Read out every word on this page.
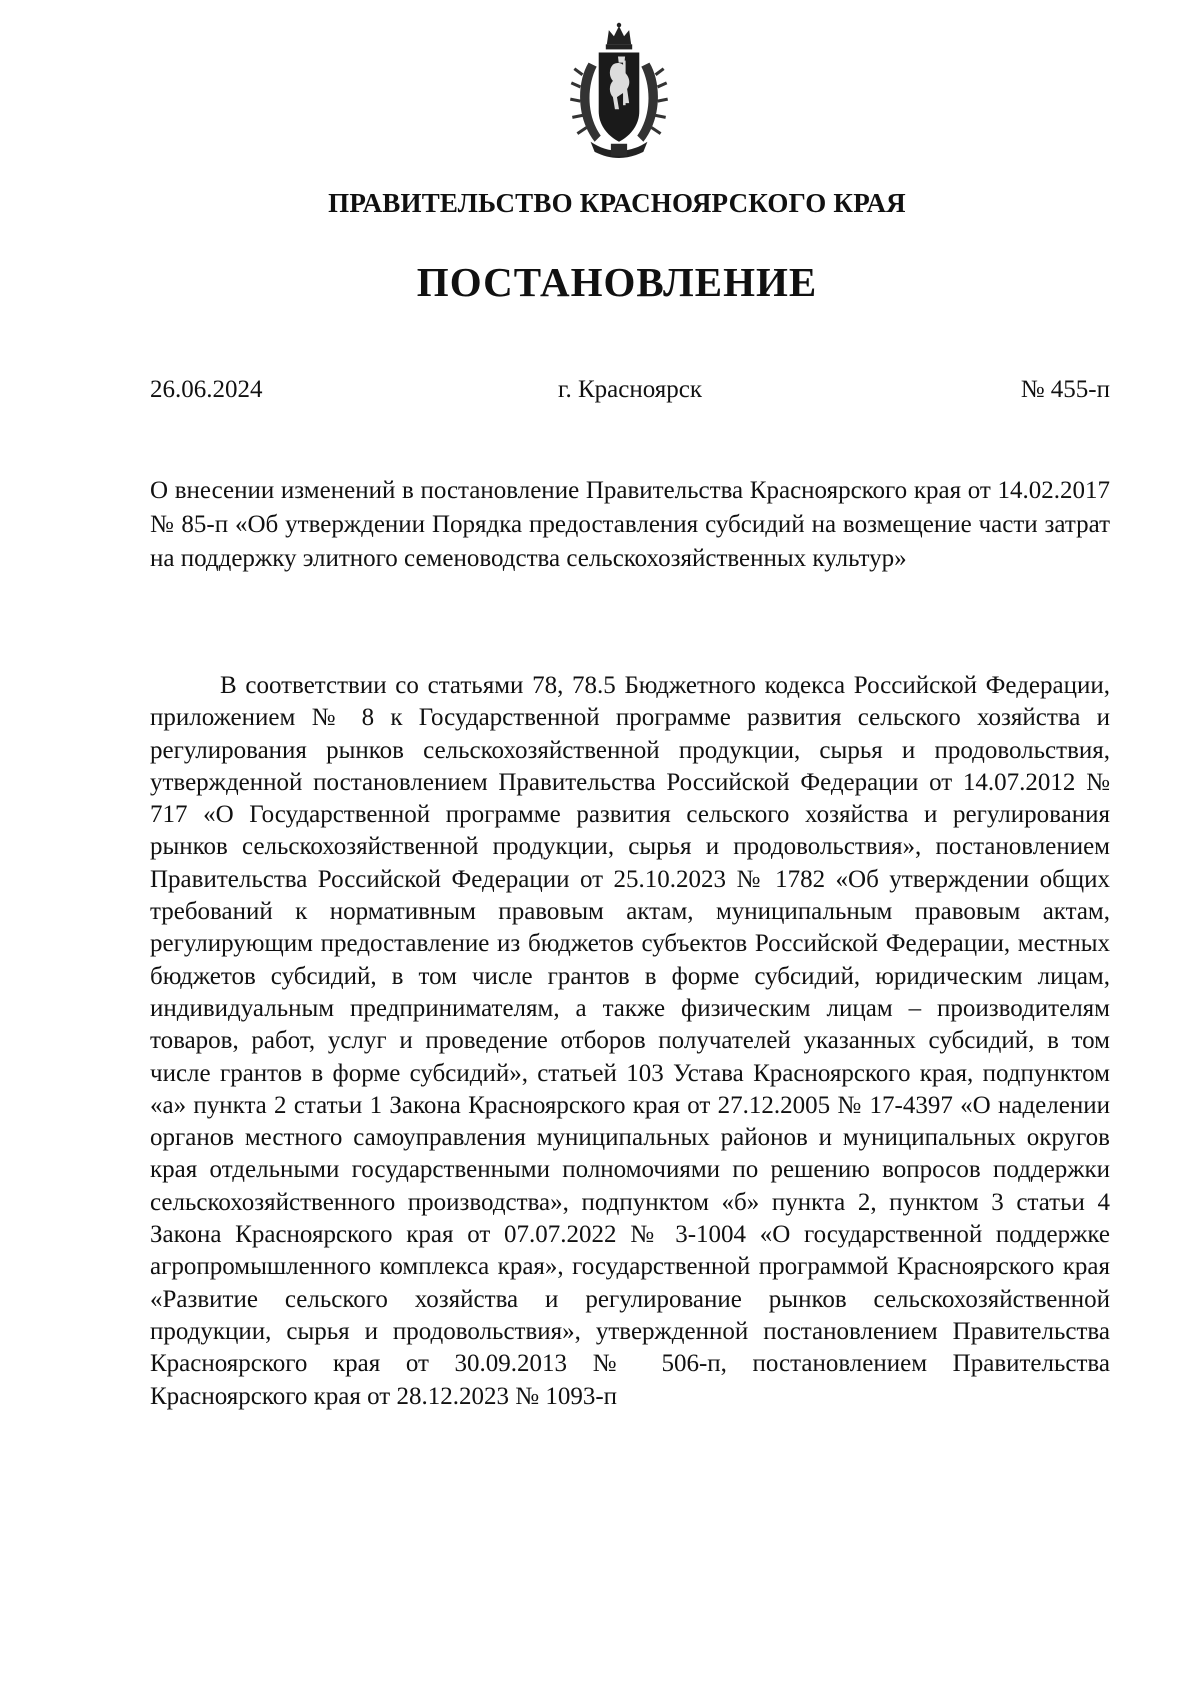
ПРАВИТЕЛЬСТВО КРАСНОЯРСКОГО КРАЯ
ПОСТАНОВЛЕНИЕ
г. Красноярск
26.06.2024	№ 455-п
О внесении изменений в постановление Правительства Красноярского края от 14.02.2017 № 85-п «Об утверждении Порядка предоставления субсидий на возмещение части затрат на поддержку элитного семеноводства сельскохозяйственных культур»

В соответствии со статьями 78, 78.5 Бюджетного кодекса Российской Федерации, приложением № 8 к Государственной программе развития сельского хозяйства и регулирования рынков сельскохозяйственной продукции, сырья и продовольствия, утвержденной постановлением Правительства Российской Федерации от 14.07.2012 № 717 «О Государственной программе развития сельского хозяйства и регулирования рынков сельскохозяйственной продукции, сырья и продовольствия», постановлением Правительства Российской Федерации от 25.10.2023 № 1782 «Об утверждении общих требований к нормативным правовым актам, муниципальным правовым актам, регулирующим предоставление из бюджетов субъектов Российской Федерации, местных бюджетов субсидий, в том числе грантов в форме субсидий, юридическим лицам, индивидуальным предпринимателям, а также физическим лицам – производителям товаров, работ, услуг и проведение отборов получателей указанных субсидий, в том числе грантов в форме субсидий», статьей 103 Устава Красноярского края, подпунктом «а» пункта 2 статьи 1 Закона Красноярского края от 27.12.2005 № 17-4397 «О наделении органов местного самоуправления муниципальных районов и муниципальных округов края отдельными государственными полномочиями по решению вопросов поддержки сельскохозяйственного производства», подпунктом «б» пункта 2, пунктом 3 статьи 4 Закона Красноярского края от 07.07.2022 № 3-1004 «О государственной поддержке агропромышленного комплекса края», государственной программой Красноярского края «Развитие сельского хозяйства и регулирование рынков сельскохозяйственной продукции, сырья и продовольствия», утвержденной постановлением Правительства Красноярского края от 30.09.2013 № 506-п, постановлением Правительства Красноярского края от 28.12.2023 № 1093-п
